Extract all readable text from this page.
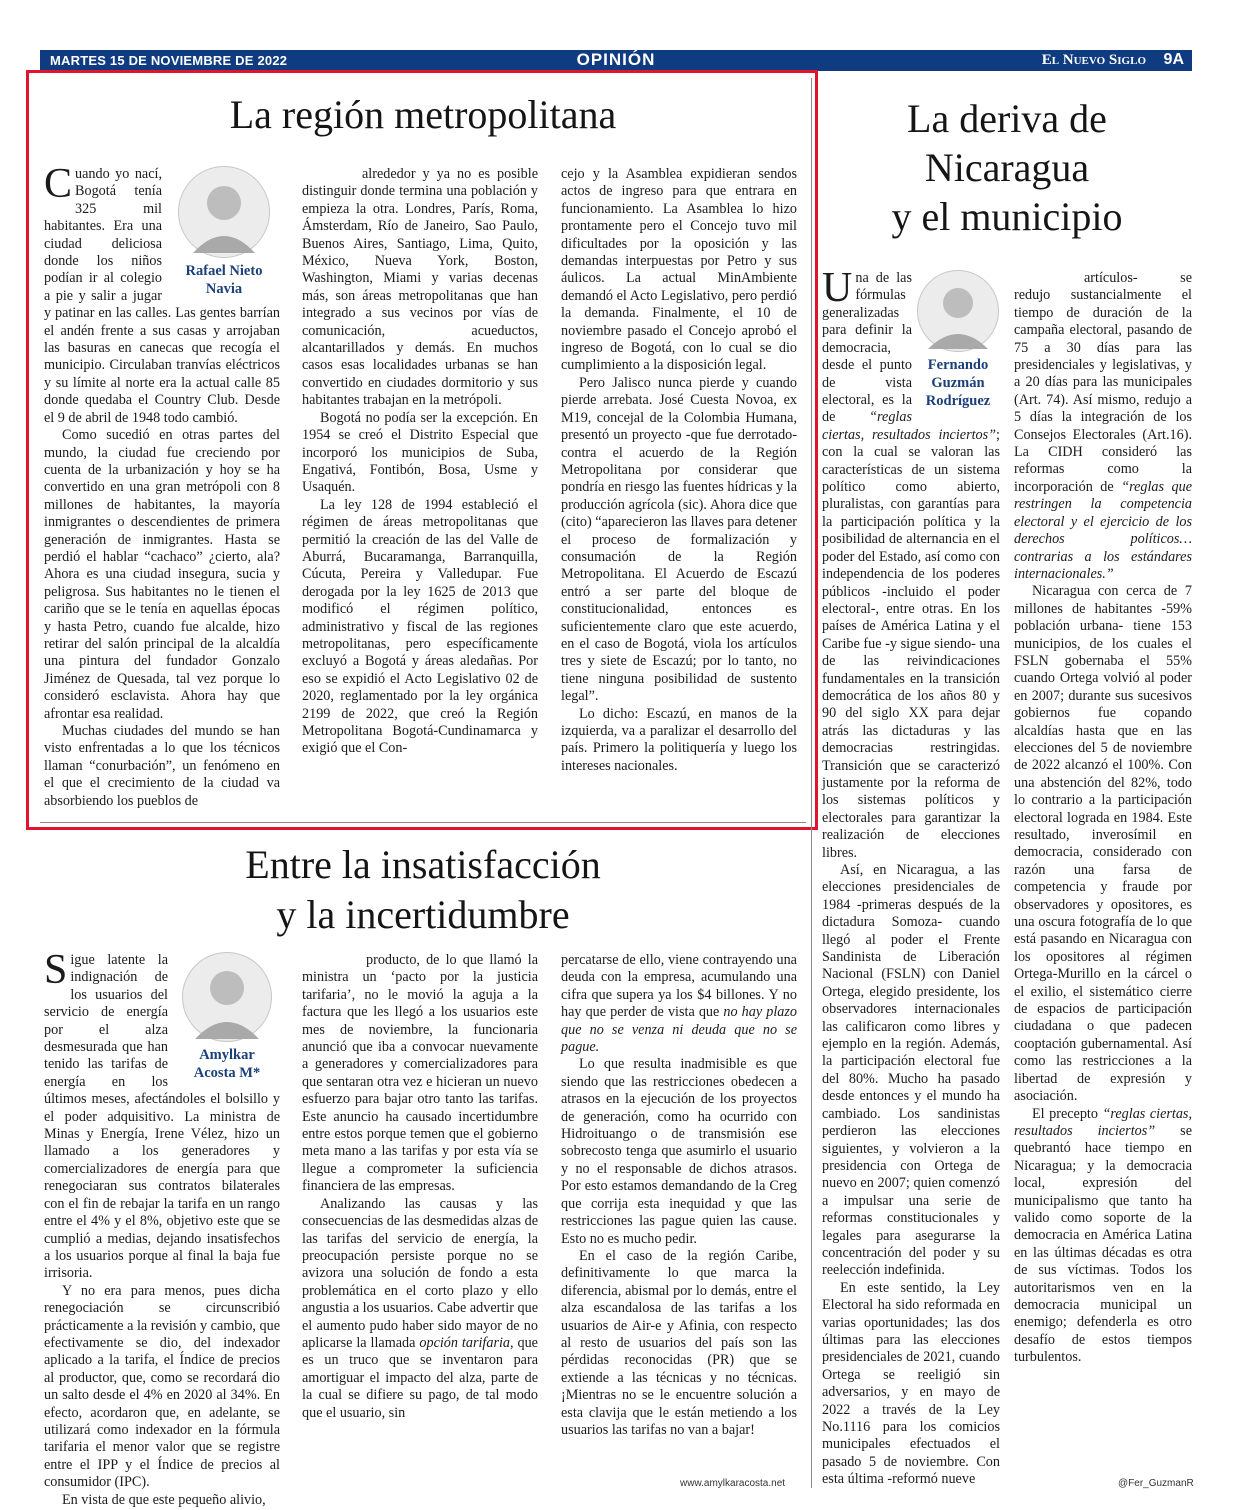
MARTES 15 DE NOVIEMBRE DE 2022	OPINIÓN	El Nuevo Siglo 9A
La región metropolitana
Rafael Nieto
Navia

Cuando yo nací, Bogotá tenía 325 mil habitantes. Era una ciudad deliciosa donde los niños podían ir al colegio a pie y salir a jugar y patinar en las calles. Las gentes barrían el andén frente a sus casas y arrojaban las basuras en canecas que recogía el municipio. Circulaban tranvías eléctricos y su límite al norte era la actual calle 85 donde quedaba el Country Club. Desde el 9 de abril de 1948 todo cambió.

Como sucedió en otras partes del mundo, la ciudad fue creciendo por cuenta de la urbanización y hoy se ha convertido en una gran metrópoli con 8 millones de habitantes, la mayoría inmigrantes o descendientes de primera generación de inmigrantes. Hasta se perdió el hablar “cachaco” ¿cierto, ala? Ahora es una ciudad insegura, sucia y peligrosa. Sus habitantes no le tienen el cariño que se le tenía en aquellas épocas y hasta Petro, cuando fue alcalde, hizo retirar del salón principal de la alcaldía una pintura del fundador Gonzalo Jiménez de Quesada, tal vez porque lo consideró esclavista. Ahora hay que afrontar esa realidad.

Muchas ciudades del mundo se han visto enfrentadas a lo que los técnicos llaman “conurbación”, un fenómeno en el que el crecimiento de la ciudad va absorbiendo los pueblos de

alrededor y ya no es posible distinguir donde termina una población y empieza la otra. Londres, París, Roma, Ámsterdam, Río de Janeiro, Sao Paulo, Buenos Aires, Santiago, Lima, Quito, México, Nueva York, Boston, Washington, Miami y varias decenas más, son áreas metropolitanas que han integrado a sus vecinos por vías de comunicación, acueductos, alcantarillados y demás. En muchos casos esas localidades urbanas se han convertido en ciudades dormitorio y sus habitantes trabajan en la metrópoli.

Bogotá no podía ser la excepción. En 1954 se creó el Distrito Especial que incorporó los municipios de Suba, Engativá, Fontibón, Bosa, Usme y Usaquén.

La ley 128 de 1994 estableció el régimen de áreas metropolitanas que permitió la creación de las del Valle de Aburrá, Bucaramanga, Barranquilla, Cúcuta, Pereira y Valledupar. Fue derogada por la ley 1625 de 2013 que modificó el régimen político, administrativo y fiscal de las regiones metropolitanas, pero específicamente excluyó a Bogotá y áreas aledañas. Por eso se expidió el Acto Legislativo 02 de 2020, reglamentado por la ley orgánica 2199 de 2022, que creó la Región Metropolitana Bogotá-Cundinamarca y exigió que el Con-

cejo y la Asamblea expidieran sendos actos de ingreso para que entrara en funcionamiento. La Asamblea lo hizo prontamente pero el Concejo tuvo mil dificultades por la oposición y las demandas interpuestas por Petro y sus áulicos. La actual MinAmbiente demandó el Acto Legislativo, pero perdió la demanda. Finalmente, el 10 de noviembre pasado el Concejo aprobó el ingreso de Bogotá, con lo cual se dio cumplimiento a la disposición legal.

Pero Jalisco nunca pierde y cuando pierde arrebata. José Cuesta Novoa, ex M19, concejal de la Colombia Humana, presentó un proyecto -que fue derrotado- contra el acuerdo de la Región Metropolitana por considerar que pondría en riesgo las fuentes hídricas y la producción agrícola (sic). Ahora dice que (cito) “aparecieron las llaves para detener el proceso de formalización y consumación de la Región Metropolitana. El Acuerdo de Escazú entró a ser parte del bloque de constitucionalidad, entonces es suficientemente claro que este acuerdo, en el caso de Bogotá, viola los artículos tres y siete de Escazú; por lo tanto, no tiene ninguna posibilidad de sustento legal”.

Lo dicho: Escazú, en manos de la izquierda, va a paralizar el desarrollo del país. Primero la politiquería y luego los intereses nacionales.

Entre la insatisfacción
y la incertidumbre
Amylkar
Acosta M*

Sigue latente la indignación de los usuarios del servicio de energía por el alza desmesurada que han tenido las tarifas de energía en los últimos meses, afectándoles el bolsillo y el poder adquisitivo. La ministra de Minas y Energía, Irene Vélez, hizo un llamado a los generadores y comercializadores de energía para que renegociaran sus contratos bilaterales con el fin de rebajar la tarifa en un rango entre el 4% y el 8%, objetivo este que se cumplió a medias, dejando insatisfechos a los usuarios porque al final la baja fue irrisoria.

Y no era para menos, pues dicha renegociación se circunscribió prácticamente a la revisión y cambio, que efectivamente se dio, del indexador aplicado a la tarifa, el Índice de precios al productor, que, como se recordará dio un salto desde el 4% en 2020 al 34%. En efecto, acordaron que, en adelante, se utilizará como indexador en la fórmula tarifaria el menor valor que se registre entre el IPP y el Índice de precios al consumidor (IPC).

En vista de que este pequeño alivio,

producto, de lo que llamó la ministra un ‘pacto por la justicia tarifaria’, no le movió la aguja a la factura que les llegó a los usuarios este mes de noviembre, la funcionaria anunció que iba a convocar nuevamente a generadores y comercializadores para que sentaran otra vez e hicieran un nuevo esfuerzo para bajar otro tanto las tarifas. Este anuncio ha causado incertidumbre entre estos porque temen que el gobierno meta mano a las tarifas y por esta vía se llegue a comprometer la suficiencia financiera de las empresas.

Analizando las causas y las consecuencias de las desmedidas alzas de las tarifas del servicio de energía, la preocupación persiste porque no se avizora una solución de fondo a esta problemática en el corto plazo y ello angustia a los usuarios. Cabe advertir que el aumento pudo haber sido mayor de no aplicarse la llamada opción tarifaria, que es un truco que se inventaron para amortiguar el impacto del alza, parte de la cual se difiere su pago, de tal modo que el usuario, sin

percatarse de ello, viene contrayendo una deuda con la empresa, acumulando una cifra que supera ya los $4 billones. Y no hay que perder de vista que no hay plazo que no se venza ni deuda que no se pague.

Lo que resulta inadmisible es que siendo que las restricciones obedecen a atrasos en la ejecución de los proyectos de generación, como ha ocurrido con Hidroituango o de transmisión ese sobrecosto tenga que asumirlo el usuario y no el responsable de dichos atrasos. Por esto estamos demandando de la Creg que corrija esta inequidad y que las restricciones las pague quien las cause. Esto no es mucho pedir.

En el caso de la región Caribe, definitivamente lo que marca la diferencia, abismal por lo demás, entre el alza escandalosa de las tarifas a los usuarios de Air-e y Afinia, con respecto al resto de usuarios del país son las pérdidas reconocidas (PR) que se extiende a las técnicas y no técnicas. ¡Mientras no se le encuentre solución a esta clavija que le están metiendo a los usuarios las tarifas no van a bajar!

www.amylkaracosta.net
La deriva de
Nicaragua
y el municipio
Fernando
Guzmán
Rodríguez

Una de las fórmulas generalizadas para definir la democracia, desde el punto de vista electoral, es la de “reglas ciertas, resultados inciertos”; con la cual se valoran las características de un sistema político como abierto, pluralistas, con garantías para la participación política y la posibilidad de alternancia en el poder del Estado, así como con independencia de los poderes públicos -incluido el poder electoral-, entre otras. En los países de América Latina y el Caribe fue -y sigue siendo- una de las reivindicaciones fundamentales en la transición democrática de los años 80 y 90 del siglo XX para dejar atrás las dictaduras y las democracias restringidas. Transición que se caracterizó justamente por la reforma de los sistemas políticos y electorales para garantizar la realización de elecciones libres.

Así, en Nicaragua, a las elecciones presidenciales de 1984 -primeras después de la dictadura Somoza- cuando llegó al poder el Frente Sandinista de Liberación Nacional (FSLN) con Daniel Ortega, elegido presidente, los observadores internacionales las calificaron como libres y ejemplo en la región. Además, la participación electoral fue del 80%. Mucho ha pasado desde entonces y el mundo ha cambiado. Los sandinistas perdieron las elecciones siguientes, y volvieron a la presidencia con Ortega de nuevo en 2007; quien comenzó a impulsar una serie de reformas constitucionales y legales para asegurarse la concentración del poder y su reelección indefinida.

En este sentido, la Ley Electoral ha sido reformada en varias oportunidades; las dos últimas para las elecciones presidenciales de 2021, cuando Ortega se reeligió sin adversarios, y en mayo de 2022 a través de la Ley No.1116 para los comicios municipales efectuados el pasado 5 de noviembre. Con esta última -reformó nueve

artículos- se redujo sustancialmente el tiempo de duración de la campaña electoral, pasando de 75 a 30 días para las presidenciales y legislativas, y a 20 días para las municipales (Art. 74). Así mismo, redujo a 5 días la integración de los Consejos Electorales (Art.16). La CIDH consideró las reformas como la incorporación de “reglas que restringen la competencia electoral y el ejercicio de los derechos políticos… contrarias a los estándares internacionales.”

Nicaragua con cerca de 7 millones de habitantes -59% población urbana- tiene 153 municipios, de los cuales el FSLN gobernaba el 55% cuando Ortega volvió al poder en 2007; durante sus sucesivos gobiernos fue copando alcaldías hasta que en las elecciones del 5 de noviembre de 2022 alcanzó el 100%. Con una abstención del 82%, todo lo contrario a la participación electoral lograda en 1984. Este resultado, inverosímil en democracia, considerado con razón una farsa de competencia y fraude por observadores y opositores, es una oscura fotografía de lo que está pasando en Nicaragua con los opositores al régimen Ortega-Murillo en la cárcel o el exilio, el sistemático cierre de espacios de participación ciudadana o que padecen cooptación gubernamental. Así como las restricciones a la libertad de expresión y asociación.

El precepto “reglas ciertas, resultados inciertos” se quebrantó hace tiempo en Nicaragua; y la democracia local, expresión del municipalismo que tanto ha valido como soporte de la democracia en América Latina en las últimas décadas es otra de sus víctimas. Todos los autoritarismos ven en la democracia municipal un enemigo; defenderla es otro desafío de estos tiempos turbulentos.

@Fer_GuzmanR
